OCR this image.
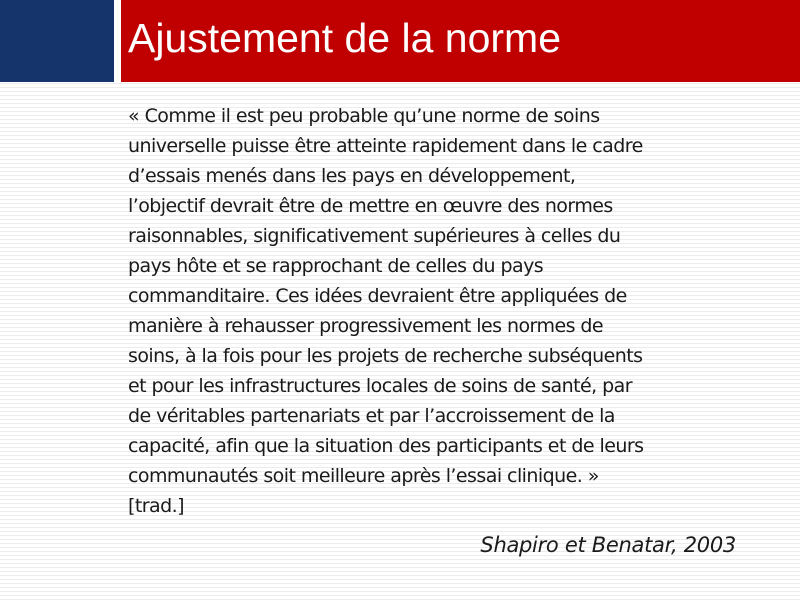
Ajustement de la norme

« Comme il est peu probable qu’une norme de soins
universelle puisse être atteinte rapidement dans le cadre
d’essais menés dans les pays en développement,
l’objectif devrait être de mettre en œuvre des normes
raisonnables, significativement supérieures à celles du
pays hôte et se rapprochant de celles du pays
commanditaire. Ces idées devraient être appliquées de
manière à rehausser progressivement les normes de
soins, à la fois pour les projets de recherche subséquents
et pour les infrastructures locales de soins de santé, par
de véritables partenariats et par l’accroissement de la
capacité, afin que la situation des participants et de leurs
communautés soit meilleure après l’essai clinique. »
[trad.]

Shapiro et Benatar, 2003
